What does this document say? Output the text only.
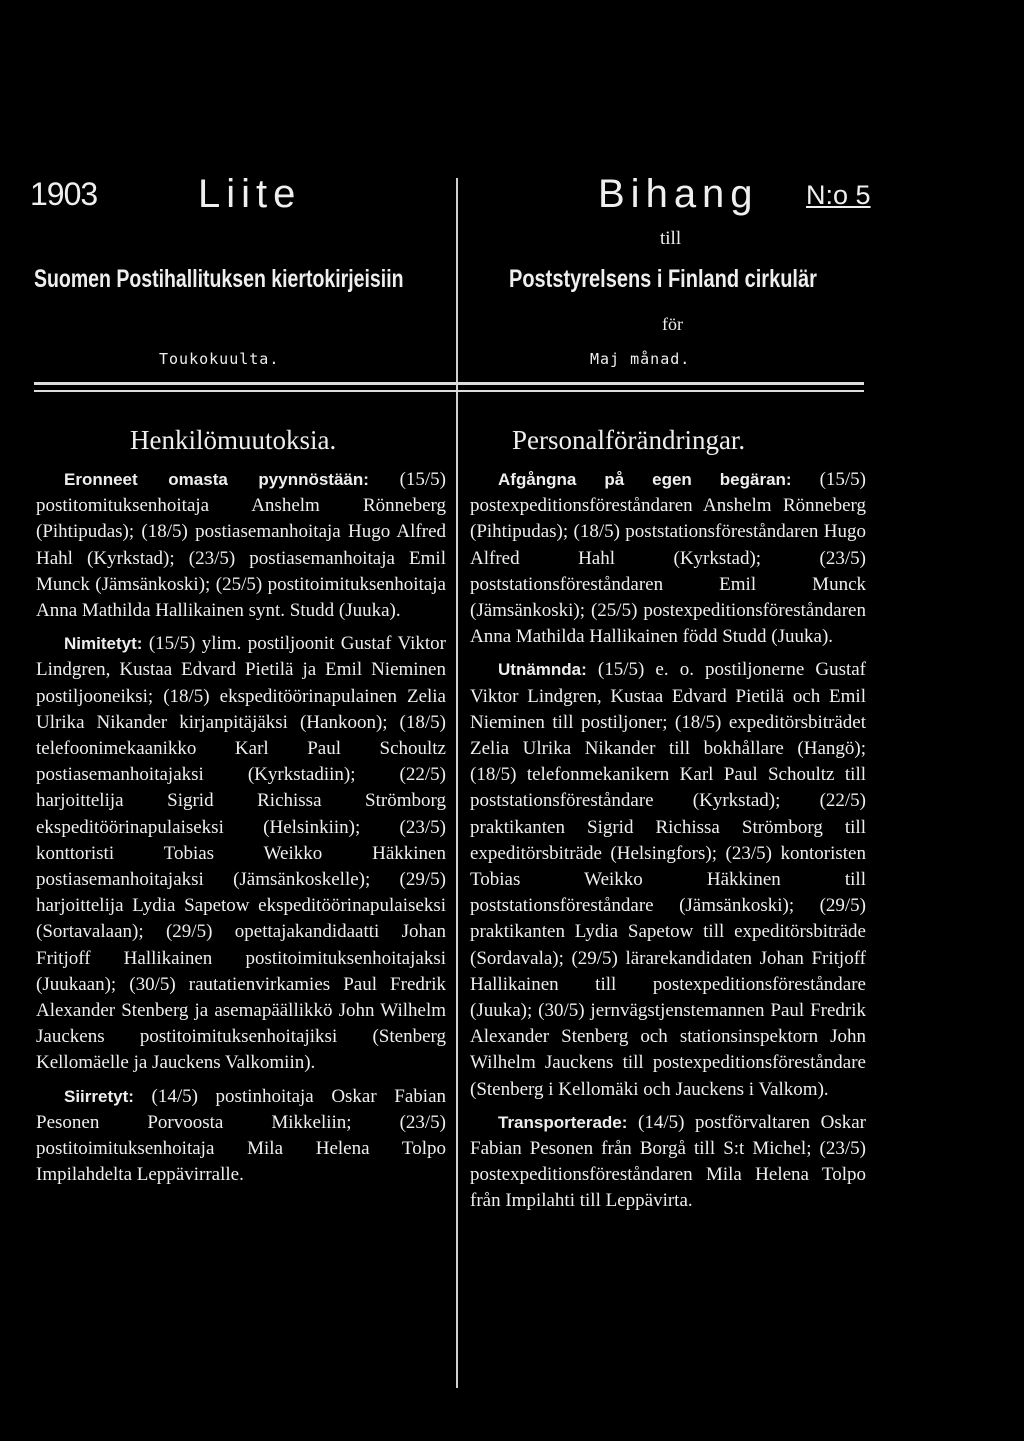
1903	Liite	Bihang N:o 5
till
Suomen Postihallituksen kiertokirjeisiin	Poststyrelsens i Finland cirkulär
för
Toukokuulta.	Maj månad.
Henkilömuutoksia.	Personalförändringar.

Eronneet omasta pyynnöstään: (15/5) postitomituksenhoitaja Anshelm Rönneberg (Pihtipudas); (18/5) postiasemanhoitaja Hugo Alfred Hahl (Kyrkstad); (23/5) postiasemanhoitaja Emil Munck (Jämsänkoski); (25/5) postitoimituksenhoitaja Anna Mathilda Hallikainen synt. Studd (Juuka).

Nimitetyt: (15/5) ylim. postiljoonit Gustaf Viktor Lindgren, Kustaa Edvard Pietilä ja Emil Nieminen postiljooneiksi; (18/5) ekspeditöörinapulainen Zelia Ulrika Nikander kirjanpitäjäksi (Hankoon); (18/5) telefoonimekaanikko Karl Paul Schoultz postiasemanhoitajaksi (Kyrkstadiin); (22/5) harjoittelija Sigrid Richissa Strömborg ekspeditöörinapulaiseksi (Helsinkiin); (23/5) konttoristi Tobias Weikko Häkkinen postiasemanhoitajaksi (Jämsänkoskelle); (29/5) harjoittelija Lydia Sapetow ekspeditöörinapulaiseksi (Sortavalaan); (29/5) opettajakandidaatti Johan Fritjoff Hallikainen postitoimituksenhoitajaksi (Juukaan); (30/5) rautatienvirkamies Paul Fredrik Alexander Stenberg ja asemapäällikkö John Wilhelm Jauckens postitoimituksenhoitajiksi (Stenberg Kellomäelle ja Jauckens Valkomiin).

Siirretyt: (14/5) postinhoitaja Oskar Fabian Pesonen Porvoosta Mikkeliin; (23/5) postitoimituksenhoitaja Mila Helena Tolpo Impilahdelta Leppävirralle.

Afgångna på egen begäran: (15/5) postexpeditionsföreståndaren Anshelm Rönneberg (Pihtipudas); (18/5) poststationsföreståndaren Hugo Alfred Hahl (Kyrkstad); (23/5) poststationsföreståndaren Emil Munck (Jämsänkoski); (25/5) postexpeditionsföreståndaren Anna Mathilda Hallikainen född Studd (Juuka).

Utnämnda: (15/5) e. o. postiljonerne Gustaf Viktor Lindgren, Kustaa Edvard Pietilä och Emil Nieminen till postiljoner; (18/5) expeditörsbiträdet Zelia Ulrika Nikander till bokhållare (Hangö); (18/5) telefonmekanikern Karl Paul Schoultz till poststationsföreståndare (Kyrkstad); (22/5) praktikanten Sigrid Richissa Strömborg till expeditörsbiträde (Helsingfors); (23/5) kontoristen Tobias Weikko Häkkinen till poststationsföreståndare (Jämsänkoski); (29/5) praktikanten Lydia Sapetow till expeditörsbiträde (Sordavala); (29/5) lärarekandidaten Johan Fritjoff Hallikainen till postexpeditionsföreståndare (Juuka); (30/5) jernvägstjenstemannen Paul Fredrik Alexander Stenberg och stationsinspektorn John Wilhelm Jauckens till postexpeditionsföreståndare (Stenberg i Kellomäki och Jauckens i Valkom).

Transporterade: (14/5) postförvaltaren Oskar Fabian Pesonen från Borgå till S:t Michel; (23/5) postexpeditionsföreståndaren Mila Helena Tolpo från Impilahti till Leppävirta.
